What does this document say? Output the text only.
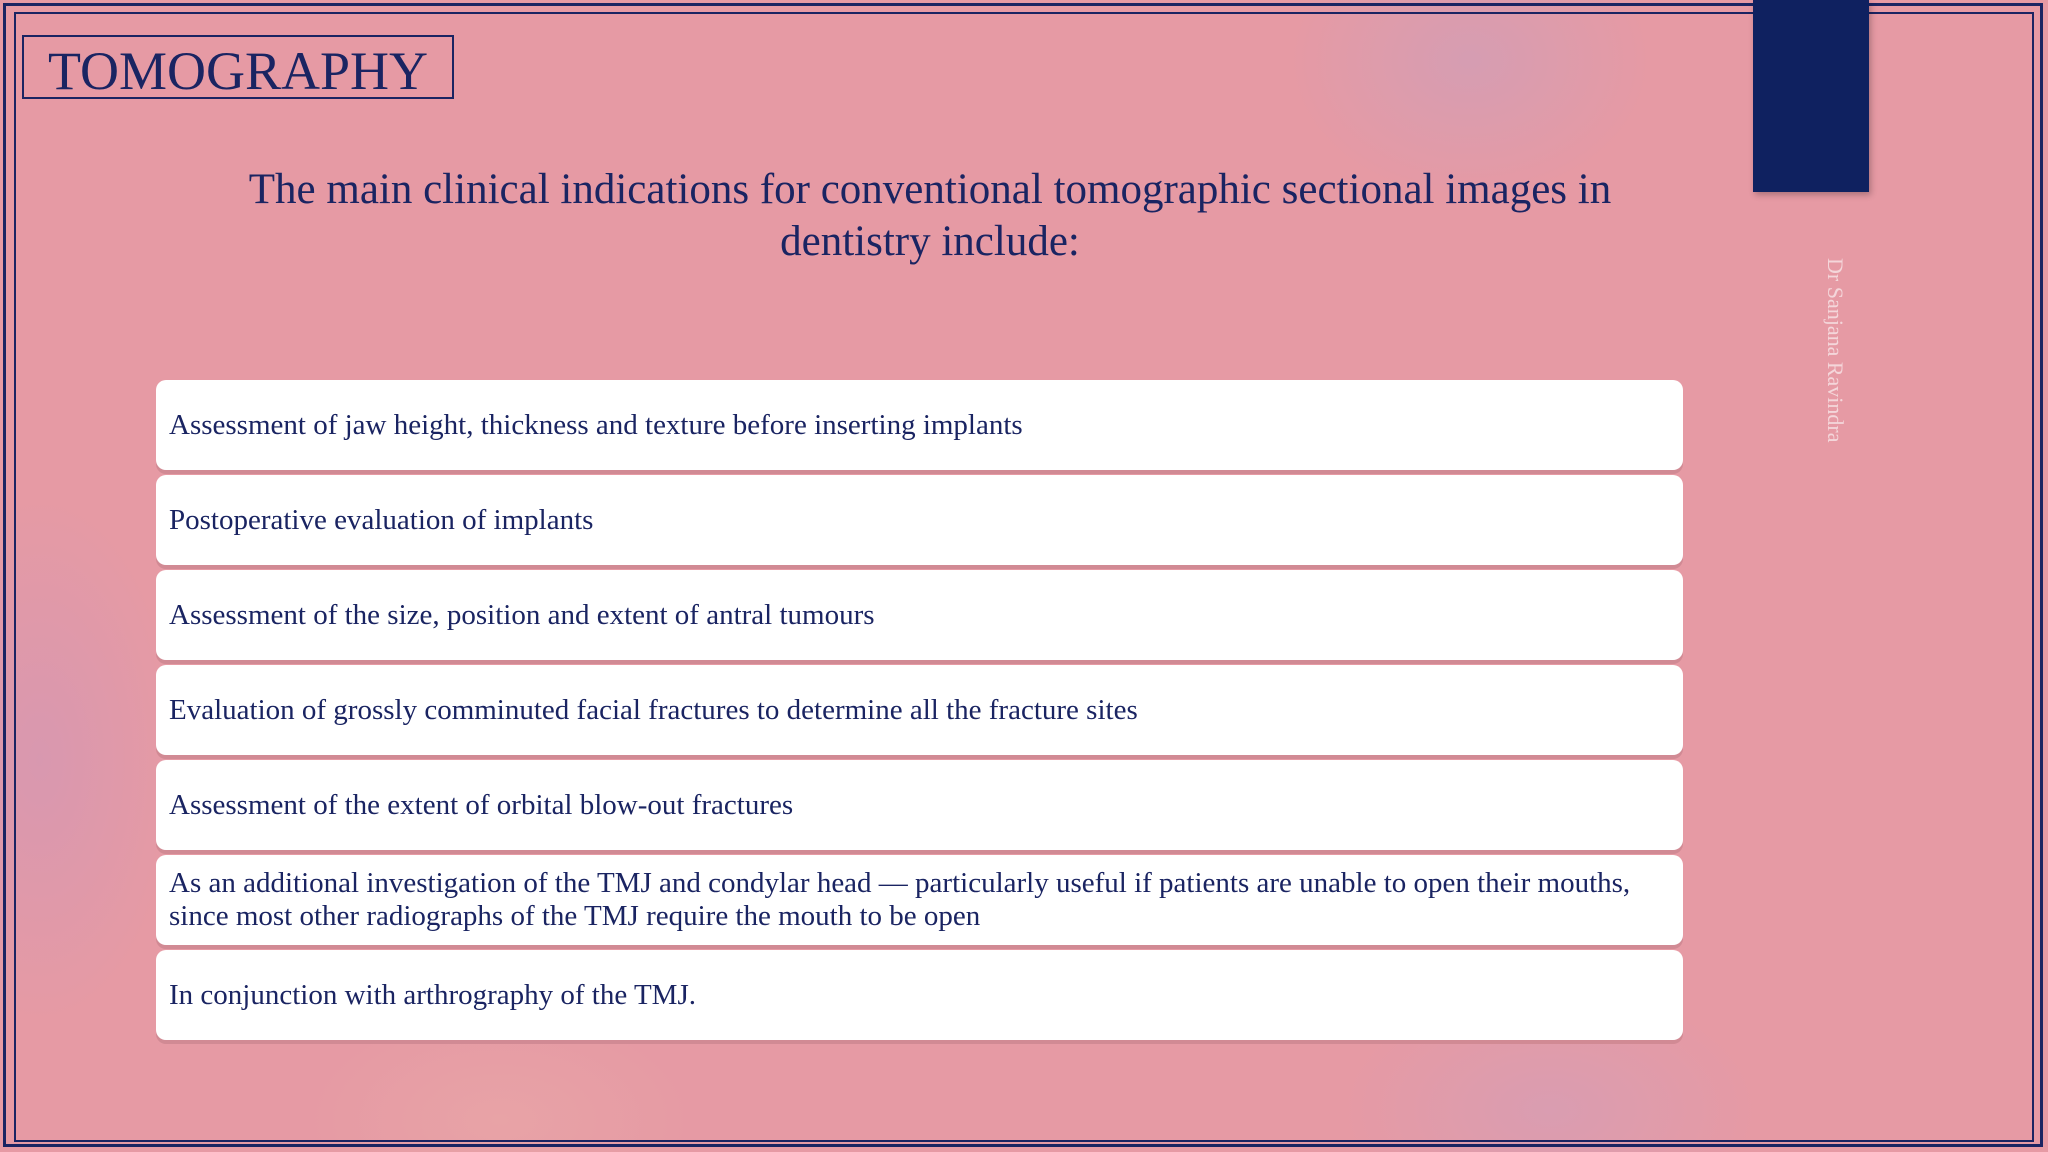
TOMOGRAPHY
Dr Sanjana Ravindra
The main clinical indications for conventional tomographic sectional images in dentistry include:
Assessment of jaw height, thickness and texture before inserting implants
Postoperative evaluation of implants
Assessment of the size, position and extent of antral tumours
Evaluation of grossly comminuted facial fractures to determine all the fracture sites
Assessment of the extent of orbital blow-out fractures
As an additional investigation of the TMJ and condylar head — particularly useful if patients are unable to open their mouths, since most other radiographs of the TMJ require the mouth to be open
In conjunction with arthrography of the TMJ.
